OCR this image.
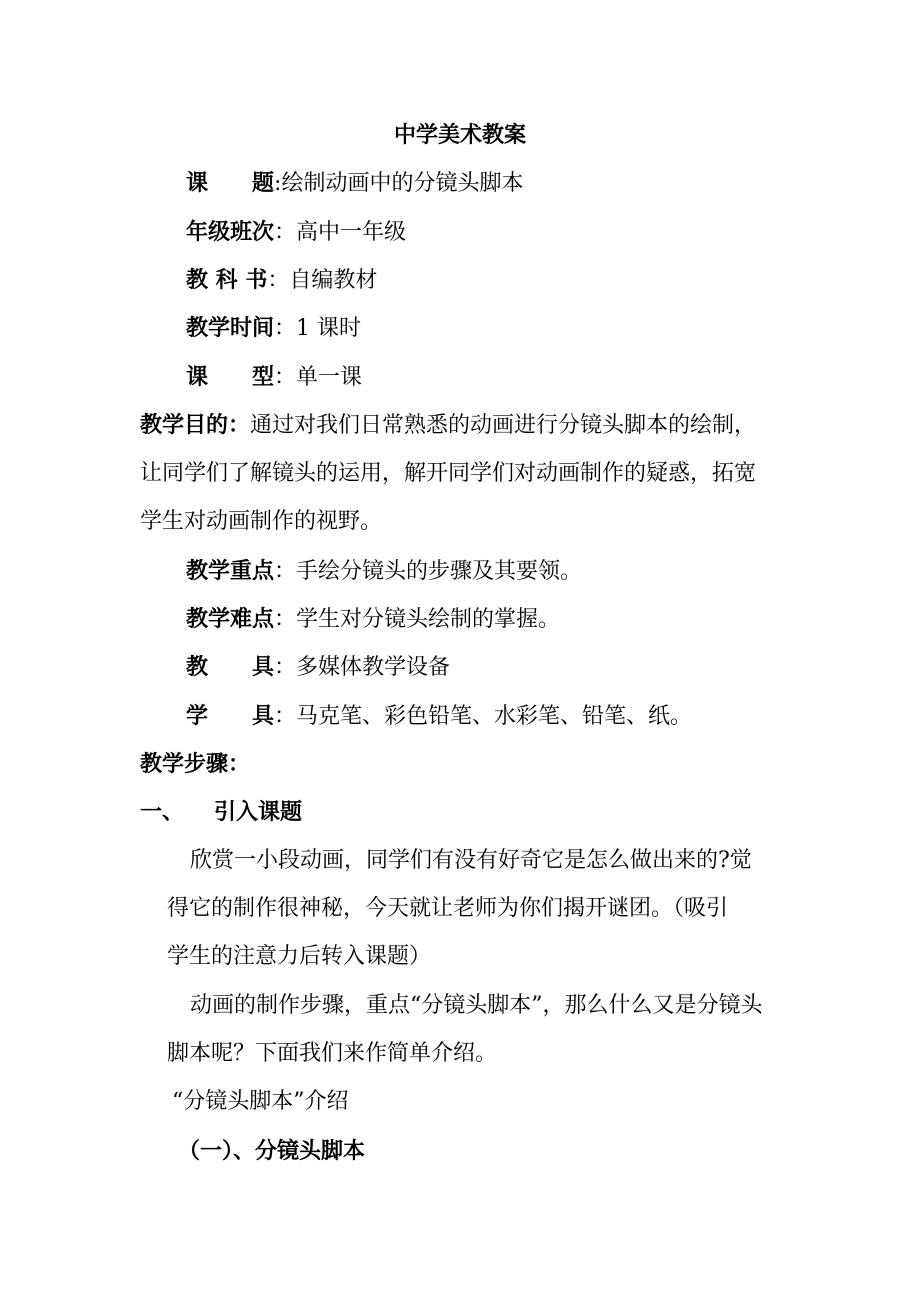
中学美术教案
课　　题:绘制动画中的分镜头脚本
年级班次：高中一年级
教 科 书：自编教材
教学时间：1 课时
课　　型：单一课
教学目的：通过对我们日常熟悉的动画进行分镜头脚本的绘制，
让同学们了解镜头的运用，解开同学们对动画制作的疑惑，拓宽
学生对动画制作的视野。
教学重点：手绘分镜头的步骤及其要领。
教学难点：学生对分镜头绘制的掌握。
教　　具：多媒体教学设备
学　　具：马克笔、彩色铅笔、水彩笔、铅笔、纸。
教学步骤：
一、 引入课题
欣赏一小段动画，同学们有没有好奇它是怎么做出来的?觉
得它的制作很神秘，今天就让老师为你们揭开谜团。（吸引
学生的注意力后转入课题）
动画的制作步骤，重点“分镜头脚本”，那么什么又是分镜头
脚本呢？下面我们来作简单介绍。
“分镜头脚本”介绍
（一）、分镜头脚本
